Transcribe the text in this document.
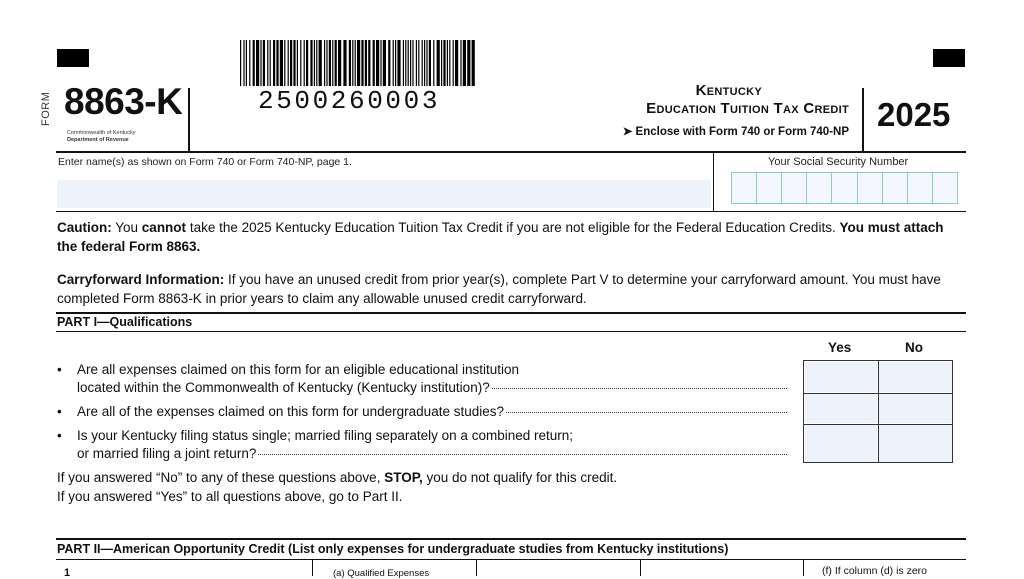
FORM 8863-K
Commonwealth of Kentucky
Department of Revenue
2500260003	Kentucky
Education Tuition Tax Credit
➤ Enclose with Form 740 or Form 740-NP 2025
Enter name(s) as shown on Form 740 or Form 740-NP, page 1.	Your Social Security Number
Caution: You cannot take the 2025 Kentucky Education Tuition Tax Credit if you are not eligible for the Federal Education Credits. You must attach the federal Form 8863.
Carryforward Information: If you have an unused credit from prior year(s), complete Part V to determine your carryforward amount. You must have completed Form 8863-K in prior years to claim any allowable unused credit carryforward.
PART I—Qualifications
Yes	No
• Are all expenses claimed on this form for an eligible educational institution
located within the Commonwealth of Kentucky (Kentucky institution)?
• Are all of the expenses claimed on this form for undergraduate studies?
• Is your Kentucky filing status single; married filing separately on a combined return;
or married filing a joint return?
If you answered “No” to any of these questions above, STOP, you do not qualify for this credit.
If you answered “Yes” to all questions above, go to Part II.
PART II—American Opportunity Credit (List only expenses for undergraduate studies from Kentucky institutions)
1	(a) Qualified Expenses	(f) If column (d) is zero
